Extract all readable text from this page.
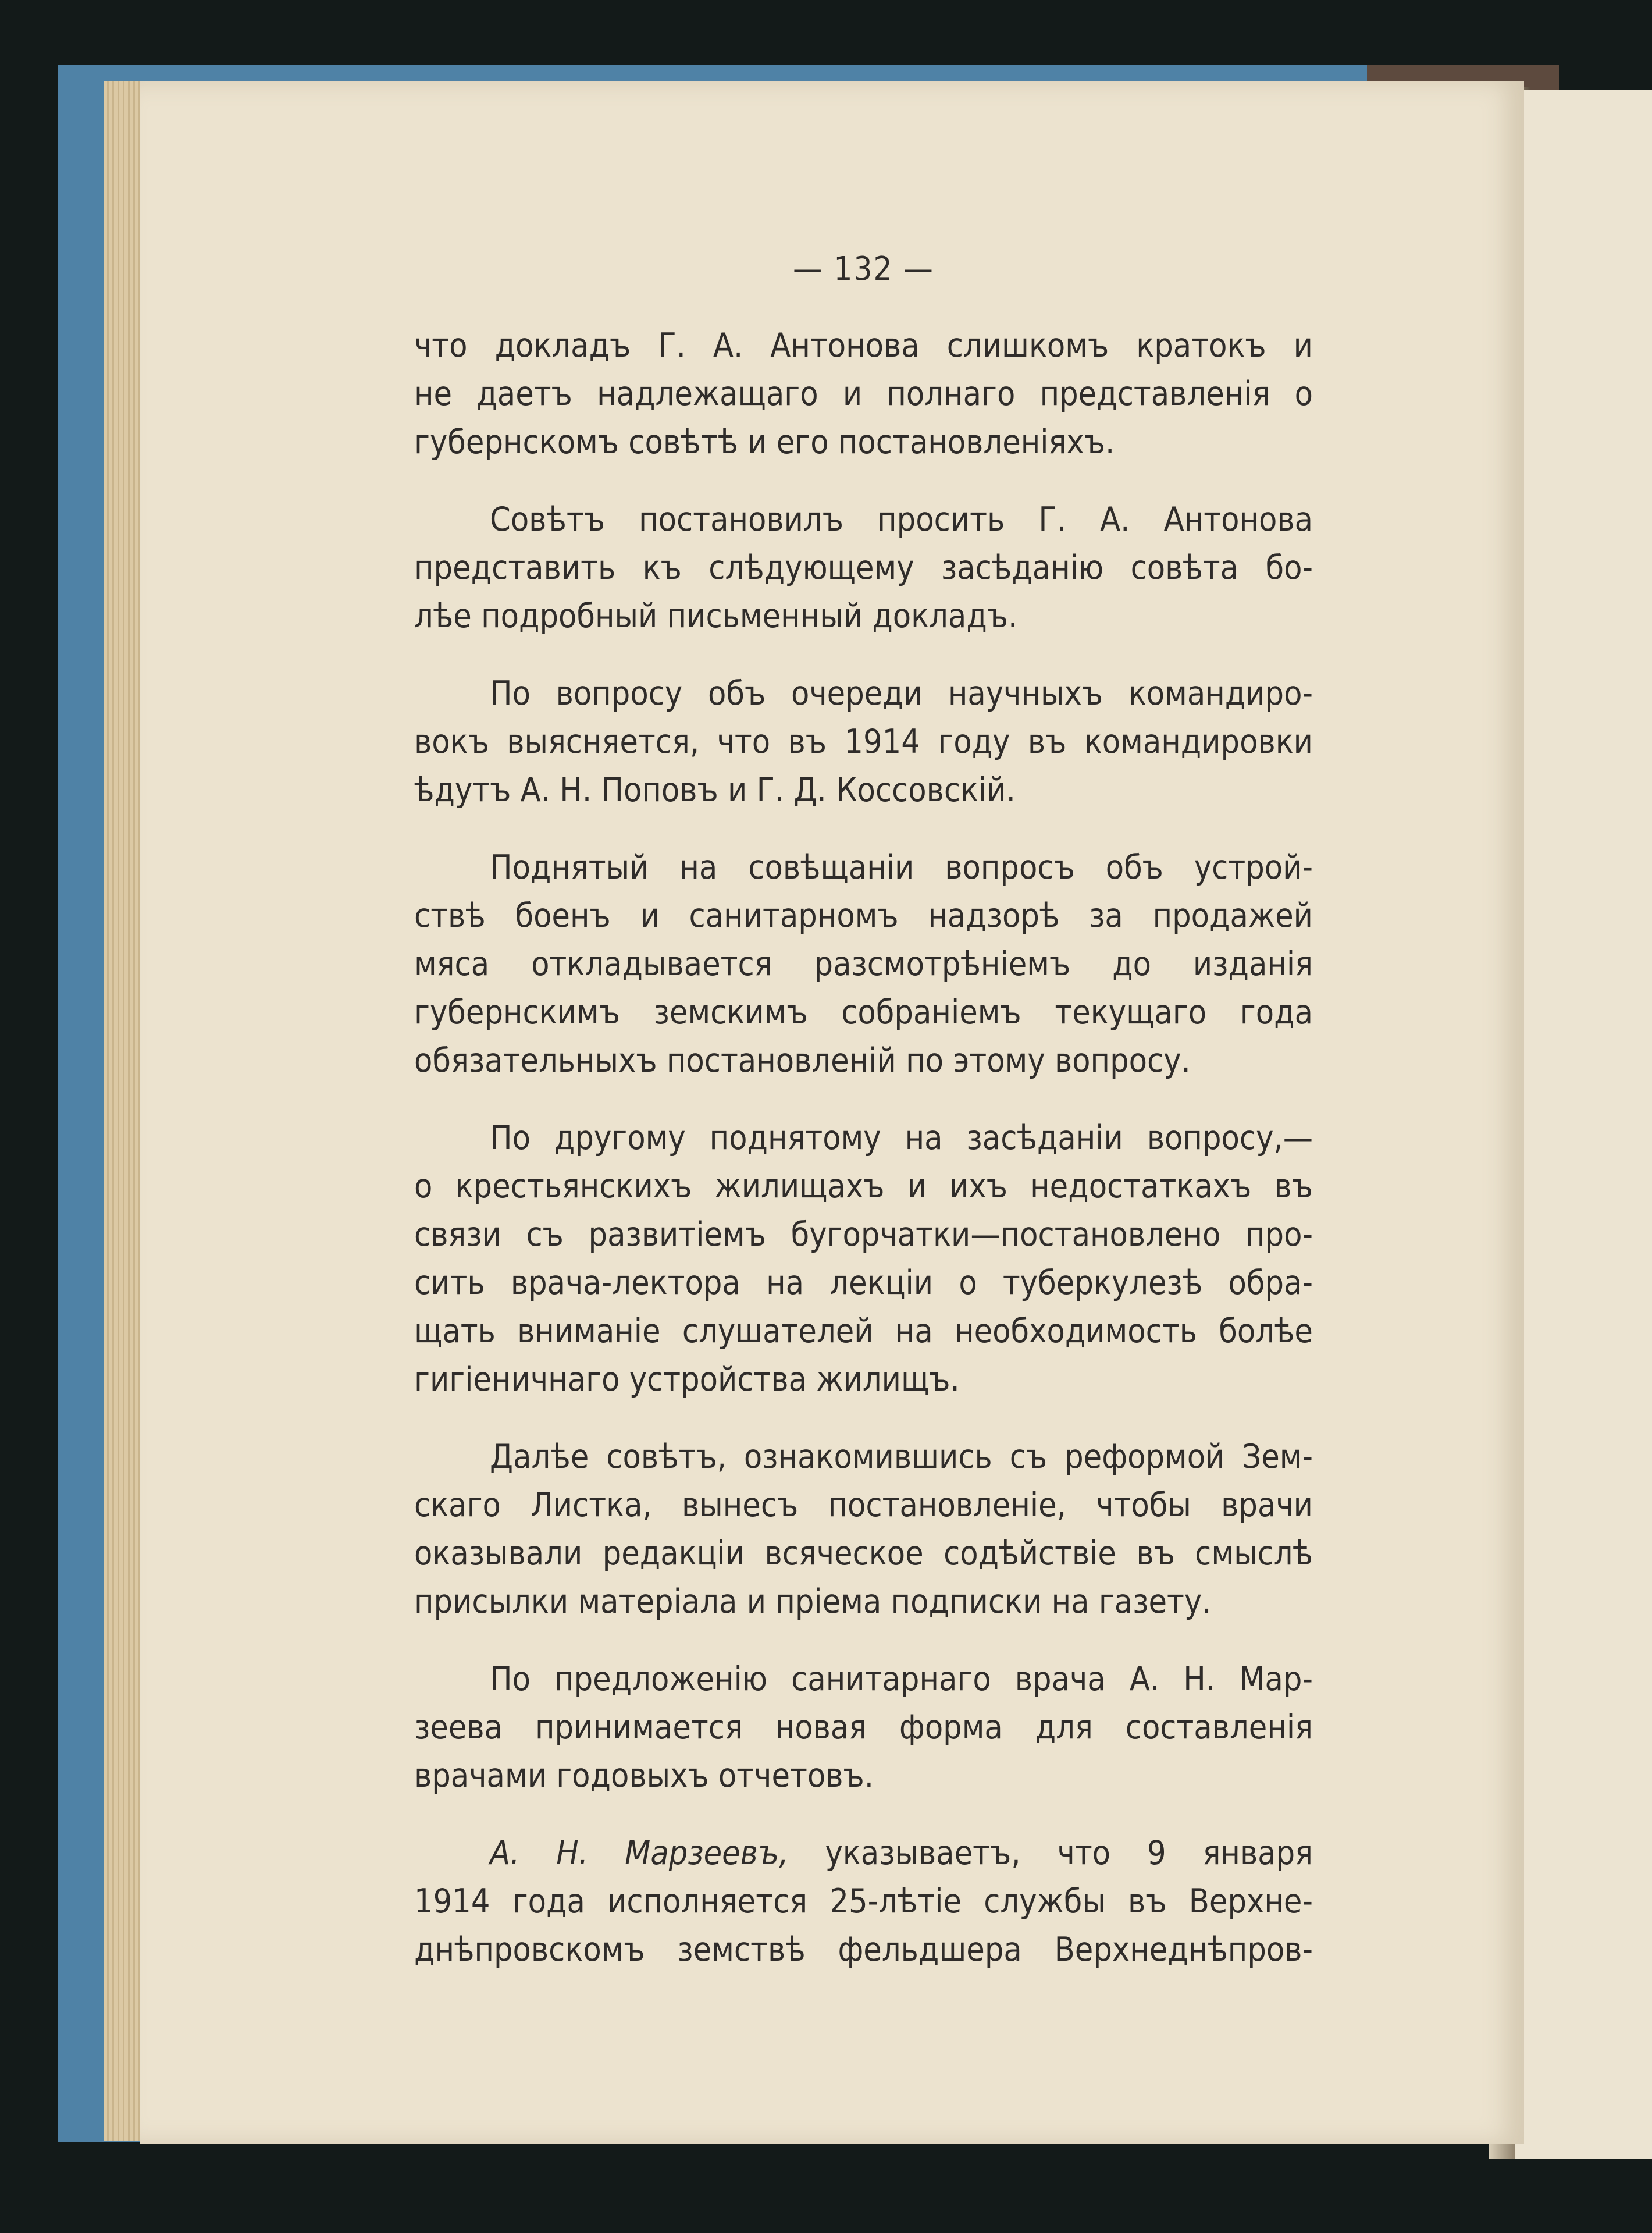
— 132 —
что докладъ Г. А. Антонова слишкомъ кратокъ и
не даетъ надлежащаго и полнаго представленія о
губернскомъ совѣтѣ и его постановленіяхъ.
Совѣтъ постановилъ просить Г. А. Антонова
представить къ слѣдующему засѣданію совѣта бо-
лѣе подробный письменный докладъ.
По вопросу объ очереди научныхъ командиро-
вокъ выясняется, что въ 1914 году въ командировки
ѣдутъ А. Н. Поповъ и Г. Д. Коссовскій.
Поднятый на совѣщаніи вопросъ объ устрой-
ствѣ боенъ и санитарномъ надзорѣ за продажей
мяса откладывается разсмотрѣніемъ до изданія
губернскимъ земскимъ собраніемъ текущаго года
обязательныхъ постановленій по этому вопросу.
По другому поднятому на засѣданіи вопросу,—
о крестьянскихъ жилищахъ и ихъ недостаткахъ въ
связи съ развитіемъ бугорчатки—постановлено про-
сить врача-лектора на лекціи о туберкулезѣ обра-
щать вниманіе слушателей на необходимость болѣе
гигіеничнаго устройства жилищъ.
Далѣе совѣтъ, ознакомившись съ реформой Зем-
скаго Листка, вынесъ постановленіе, чтобы врачи
оказывали редакціи всяческое содѣйствіе въ смыслѣ
присылки матеріала и пріема подписки на газету.
По предложенію санитарнаго врача А. Н. Мар-
зеева принимается новая форма для составленія
врачами годовыхъ отчетовъ.
А. Н. Марзеевъ, указываетъ, что 9 января
1914 года исполняется 25-лѣтіе службы въ Верхне-
днѣпровскомъ земствѣ фельдшера Верхнеднѣпров-
